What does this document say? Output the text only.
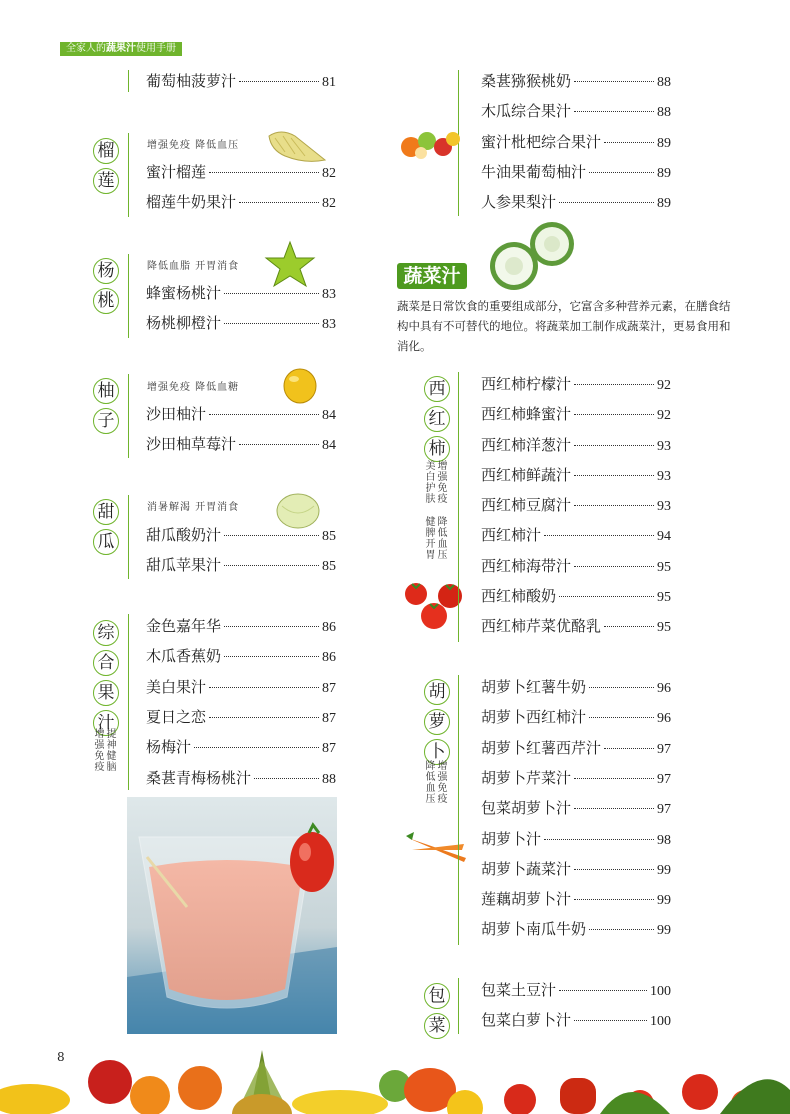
全家人的蔬果汁使用手册
葡萄柚菠萝汁	81
榴
莲
增强免疫 降低血压
蜜汁榴莲	82
榴莲牛奶果汁	82
杨
桃
降低血脂 开胃消食
蜂蜜杨桃汁	83
杨桃柳橙汁	83
柚
子
增强免疫 降低血糖
沙田柚汁	84
沙田柚草莓汁	84
甜
瓜
消暑解渴 开胃消食
甜瓜酸奶汁	85
甜瓜苹果汁	85
综
合
果
汁
提神健脑
增强免疫
金色嘉年华	86
木瓜香蕉奶	86
美白果汁	87
夏日之恋	87
杨梅汁	87
桑葚青梅杨桃汁	88
桑葚猕猴桃奶	88
木瓜综合果汁	88
蜜汁枇杷综合果汁	89
牛油果葡萄柚汁	89
人参果梨汁	89
蔬菜汁
蔬菜是日常饮食的重要组成部分，它富含多种营养元素，在膳食结构中具有不可替代的地位。将蔬菜加工制作成蔬菜汁，更易食用和消化。
西
红
柿
增强免疫
美白护肤
降低血压
健脾开胃
西红柿柠檬汁	92
西红柿蜂蜜汁	92
西红柿洋葱汁	93
西红柿鲜蔬汁	93
西红柿豆腐汁	93
西红柿汁	94
西红柿海带汁	95
西红柿酸奶	95
西红柿芹菜优酪乳	95
胡
萝
卜
增强免疫
降低血压
胡萝卜红薯牛奶	96
胡萝卜西红柿汁	96
胡萝卜红薯西芹汁	97
胡萝卜芹菜汁	97
包菜胡萝卜汁	97
胡萝卜汁	98
胡萝卜蔬菜汁	99
莲藕胡萝卜汁	99
胡萝卜南瓜牛奶	99
包
菜
包菜土豆汁	100
包菜白萝卜汁	100
8
